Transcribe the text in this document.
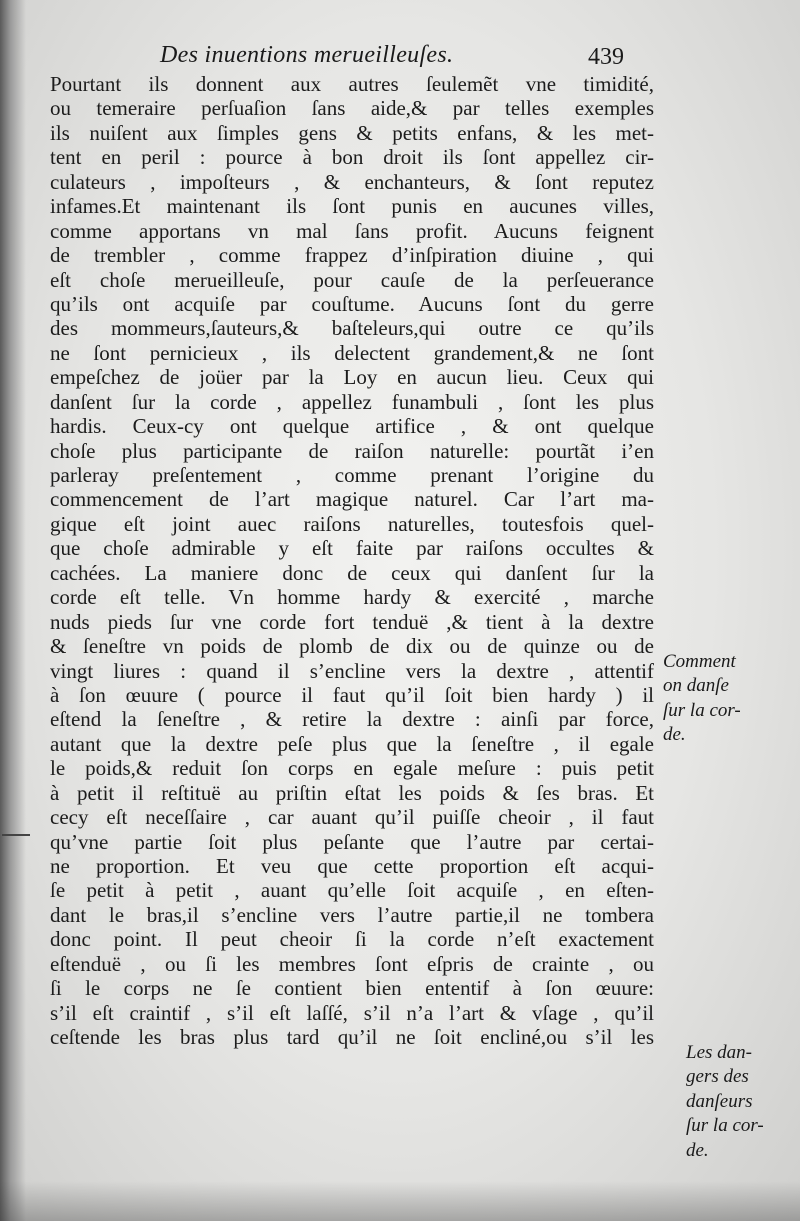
Des inuentions merueilleuſes.	439
Pourtant ils donnent aux autres ſeulemẽt vne timidité,
ou temeraire perſuaſion ſans aide,& par telles exemples
ils nuiſent aux ſimples gens & petits enfans, & les met-
tent en peril : pource à bon droit ils ſont appellez cir-
culateurs , impoſteurs , & enchanteurs, & ſont reputez
infames.Et maintenant ils ſont punis en aucunes villes,
comme apportans vn mal ſans profit. Aucuns feignent
de trembler , comme frappez d’inſpiration diuine , qui
eſt choſe merueilleuſe, pour cauſe de la perſeuerance
qu’ils ont acquiſe par couſtume. Aucuns ſont du gerre
des mommeurs,ſauteurs,& baſteleurs,qui outre ce qu’ils
ne ſont pernicieux , ils delectent grandement,& ne ſont
empeſchez de joüer par la Loy en aucun lieu. Ceux qui
danſent ſur la corde , appellez funambuli , ſont les plus
hardis. Ceux-cy ont quelque artifice , & ont quelque
choſe plus participante de raiſon naturelle: pourtãt i’en
parleray preſentement , comme prenant l’origine du
commencement de l’art magique naturel. Car l’art ma-
gique eſt joint auec raiſons naturelles, toutesfois quel-
que choſe admirable y eſt faite par raiſons occultes &
cachées. La maniere donc de ceux qui danſent ſur la
corde eſt telle. Vn homme hardy & exercité , marche
nuds pieds ſur vne corde fort tenduë ,& tient à la dextre
& ſeneſtre vn poids de plomb de dix ou de quinze ou de
vingt liures : quand il s’encline vers la dextre , attentif
à ſon œuure ( pource il faut qu’il ſoit bien hardy ) il
eſtend la ſeneſtre , & retire la dextre : ainſi par force,
autant que la dextre peſe plus que la ſeneſtre , il egale
le poids,& reduit ſon corps en egale meſure : puis petit
à petit il reſtituë au priſtin eſtat les poids & ſes bras. Et
cecy eſt neceſſaire , car auant qu’il puiſſe cheoir , il faut
qu’vne partie ſoit plus peſante que l’autre par certai-
ne proportion. Et veu que cette proportion eſt acqui-
ſe petit à petit , auant qu’elle ſoit acquiſe , en eſten-
dant le bras,il s’encline vers l’autre partie,il ne tombera
donc point. Il peut cheoir ſi la corde n’eſt exactement
eſtenduë , ou ſi les membres ſont eſpris de crainte , ou
ſi le corps ne ſe contient bien ententif à ſon œuure:
s’il eſt craintif , s’il eſt laſſé, s’il n’a l’art & vſage , qu’il
ceſtende les bras plus tard qu’il ne ſoit encliné,ou s’il les
Comment
on danſe
ſur la cor-
de.
Les dan-
gers des
danſeurs
ſur la cor-
de.
